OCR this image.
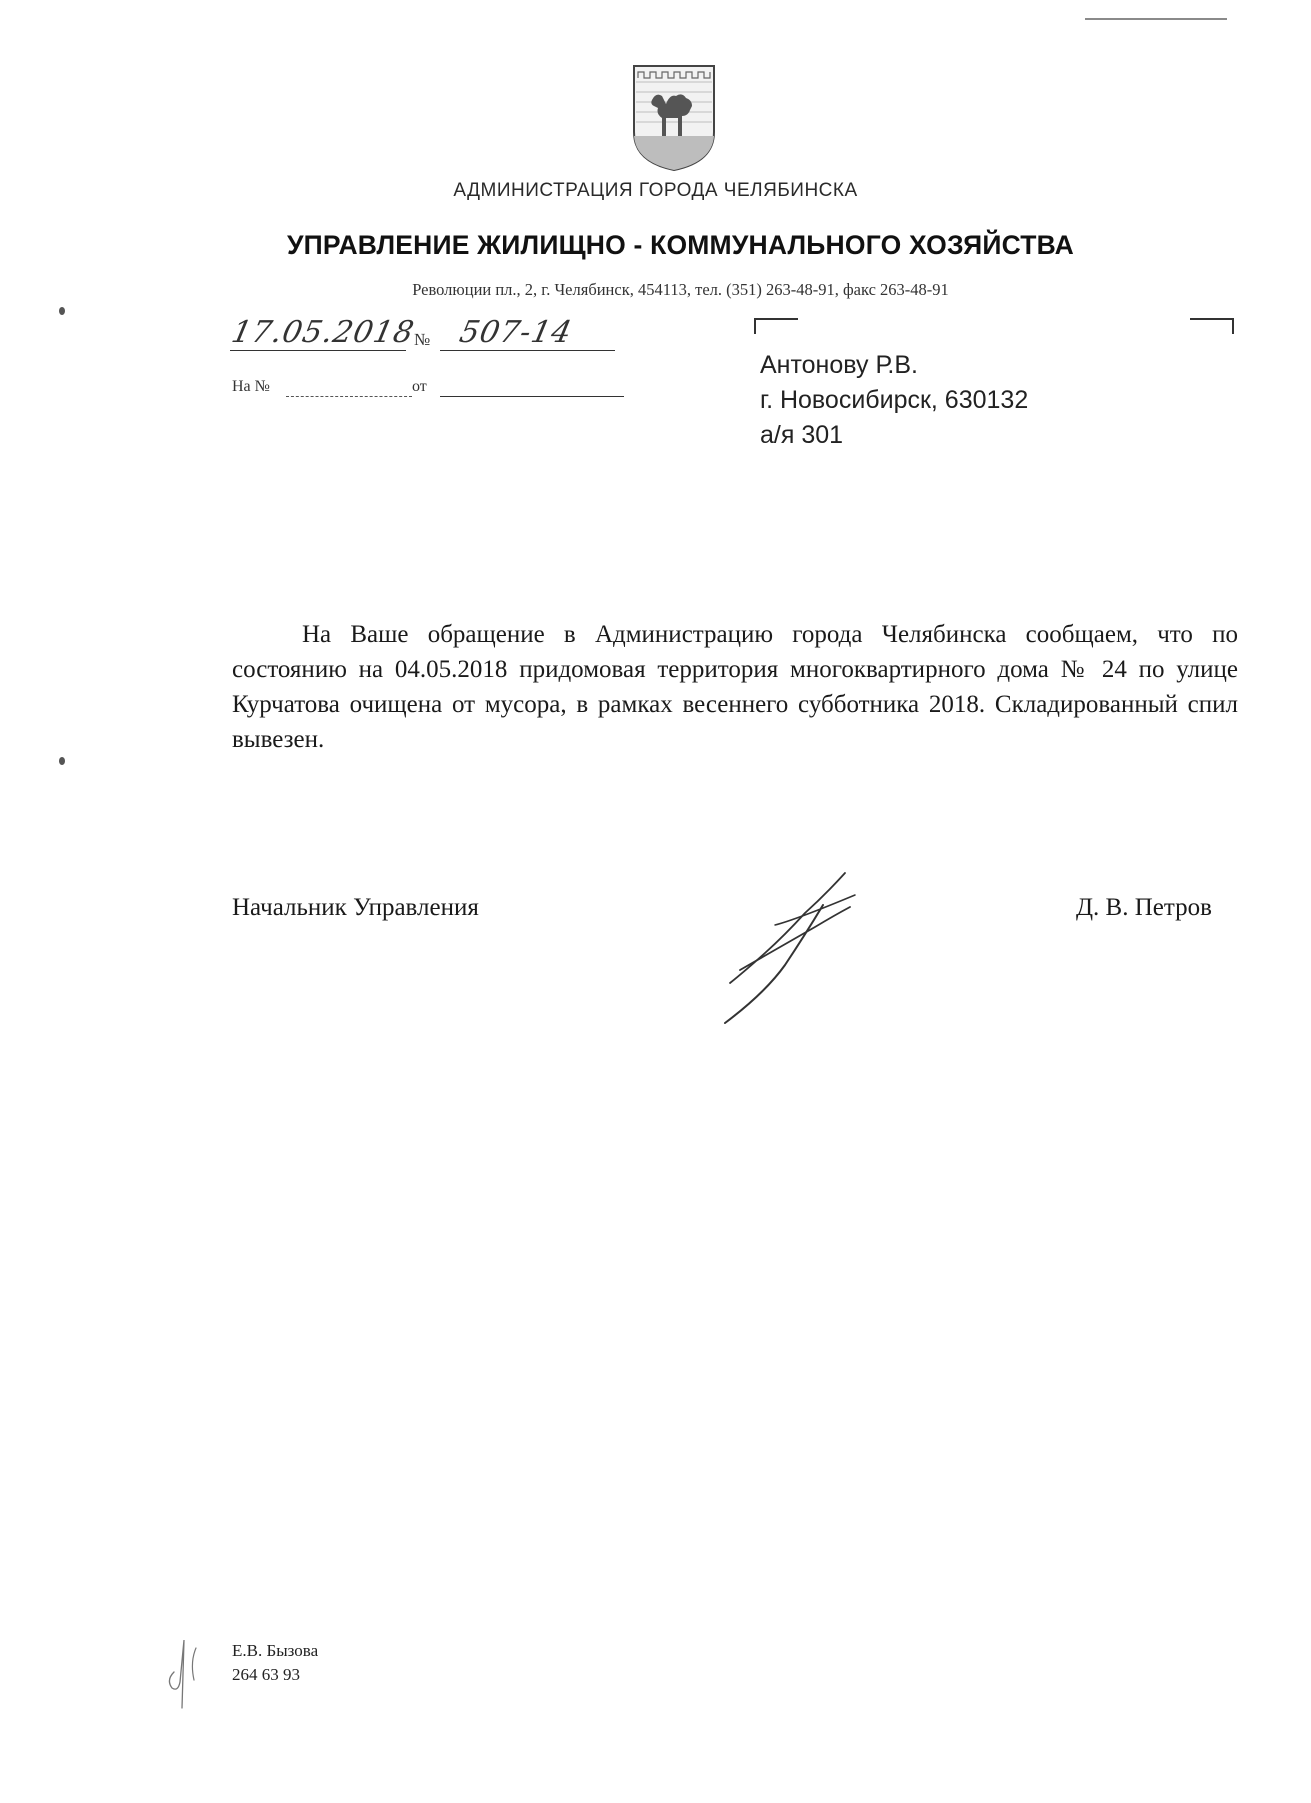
АДМИНИСТРАЦИЯ ГОРОДА ЧЕЛЯБИНСКА
УПРАВЛЕНИЕ ЖИЛИЩНО - КОММУНАЛЬНОГО ХОЗЯЙСТВА
Революции пл., 2, г. Челябинск, 454113, тел. (351) 263-48-91, факс 263-48-91
17.05.2018
№ 507-14
На №	от
Антонову Р.В.
г. Новосибирск, 630132
а/я 301
На Ваше обращение в Администрацию города Челябинска сообщаем, что по состоянию на 04.05.2018 придомовая территория многоквартирного дома № 24 по улице Курчатова очищена от мусора, в рамках весеннего субботника 2018. Складированный спил вывезен.
Начальник Управления	Д. В. Петров
Е.В. Бызова
264 63 93
